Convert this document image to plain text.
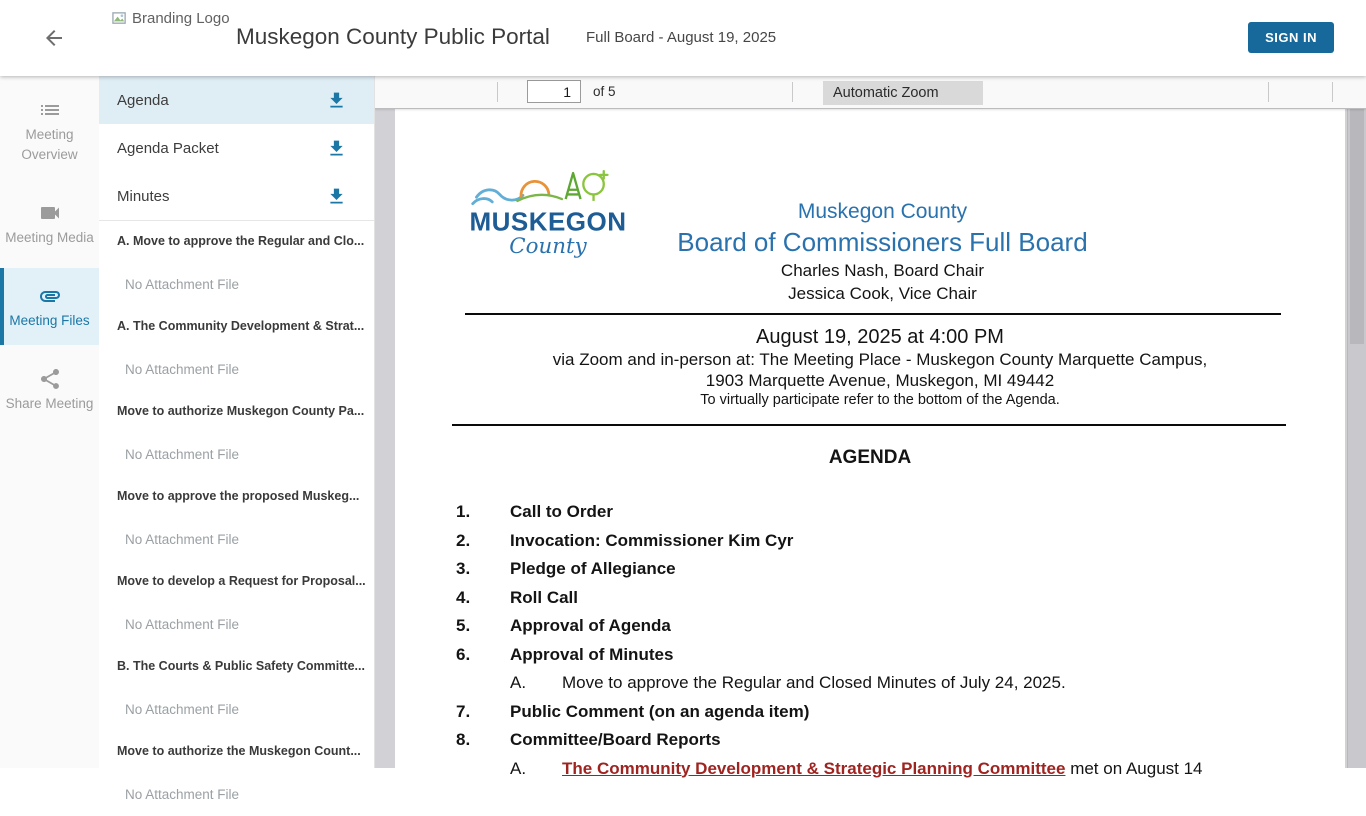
Branding Logo
Muskegon County Public Portal Full Board - August 19, 2025	SIGN IN
Meeting Overview
Meeting Media
Meeting Files
Share Meeting
Agenda
Agenda Packet
Minutes
A. Move to approve the Regular and Clo...
No Attachment File
A. The Community Development & Strat...
No Attachment File
Move to authorize Muskegon County Pa...
No Attachment File
Move to approve the proposed Muskeg...
No Attachment File
Move to develop a Request for Proposal...
No Attachment File
B. The Courts & Public Safety Committe...
No Attachment File
Move to authorize the Muskegon Count...
No Attachment File
1
of 5	Automatic Zoom
MUSKEGON
County
Muskegon County
Board of Commissioners Full Board
Charles Nash, Board Chair
Jessica Cook, Vice Chair
August 19, 2025 at 4:00 PM
via Zoom and in-person at: The Meeting Place - Muskegon County Marquette Campus,
1903 Marquette Avenue, Muskegon, MI 49442
To virtually participate refer to the bottom of the Agenda.
AGENDA
1.	Call to Order
2.	Invocation: Commissioner Kim Cyr
3.	Pledge of Allegiance
4.	Roll Call
5.	Approval of Agenda
6.	Approval of Minutes
A.	Move to approve the Regular and Closed Minutes of July 24, 2025.
7.	Public Comment (on an agenda item)
8.	Committee/Board Reports
A.	The Community Development & Strategic Planning Committee met on August 14
